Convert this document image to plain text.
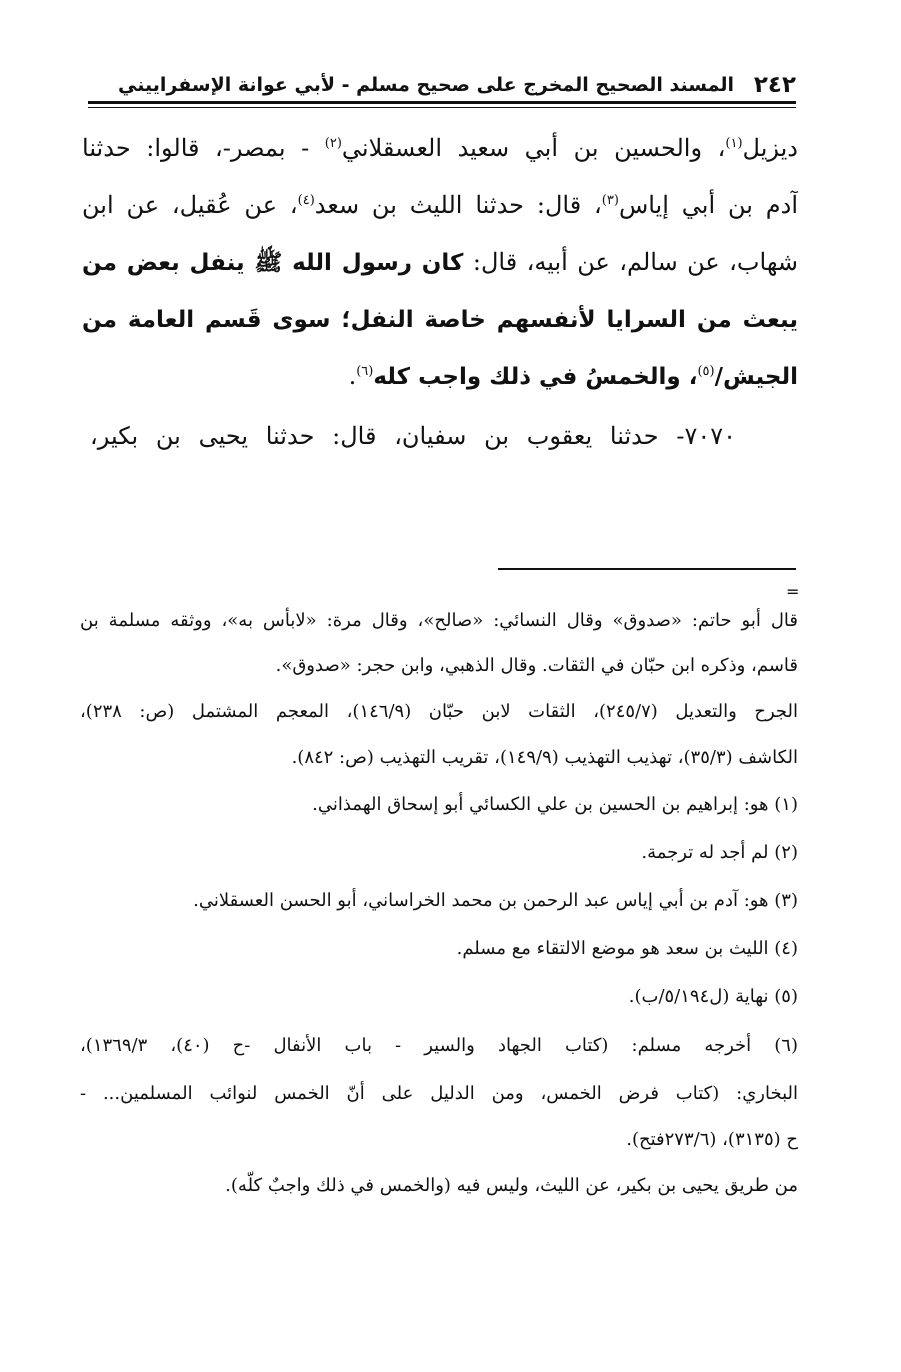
٢٤٢
المسند الصحيح المخرج على صحيح مسلم - لأبي عوانة الإسفراييني
ديزيل$^{(١)}$، والحسين بن أبي سعيد العسقلاني$^{(٢)}$ - بمصر-، قالوا: حدثنا
آدم بن أبي إياس$^{(٣)}$، قال: حدثنا الليث بن سعد$^{(٤)}$، عن عُقيل، عن ابن
شهاب، عن سالم، عن أبيه، قال: كان رسول الله ﷺ ينفل بعض من
يبعث من السرايا لأنفسهم خاصة النفل؛ سوى قَسم العامة من
الجيش/$^{(٥)}$، والخمسُ في ذلك واجب كله$^{(٦)}$.
٧٠٧٠- حدثنا يعقوب بن سفيان، قال: حدثنا يحيى بن بكير،
=
قال أبو حاتم: «صدوق» وقال النسائي: «صالح»، وقال مرة: «لابأس به»، ووثقه مسلمة بن
قاسم، وذكره ابن حبّان في الثقات. وقال الذهبي، وابن حجر: «صدوق».
الجرح والتعديل (٢٤٥/٧)، الثقات لابن حبّان (١٤٦/٩)، المعجم المشتمل (ص: ٢٣٨)،
الكاشف (٣٥/٣)، تهذيب التهذيب (١٤٩/٩)، تقريب التهذيب (ص: ٨٤٢).
(١) هو: إبراهيم بن الحسين بن علي الكسائي أبو إسحاق الهمذاني.
(٢) لم أجد له ترجمة.
(٣) هو: آدم بن أبي إياس عبد الرحمن بن محمد الخراساني، أبو الحسن العسقلاني.
(٤) الليث بن سعد هو موضع الالتقاء مع مسلم.
(٥) نهاية (ل٥/١٩٤/ب).
(٦) أخرجه مسلم: (كتاب الجهاد والسير - باب الأنفال -ح (٤٠)، ١٣٦٩/٣)،
البخاري: (كتاب فرض الخمس، ومن الدليل على أنّ الخمس لنوائب المسلمين... -
ح (٣١٣٥)، (٢٧٣/٦فتح).
من طريق يحيى بن بكير، عن الليث، وليس فيه (والخمس في ذلك واجبٌ كلّه).
